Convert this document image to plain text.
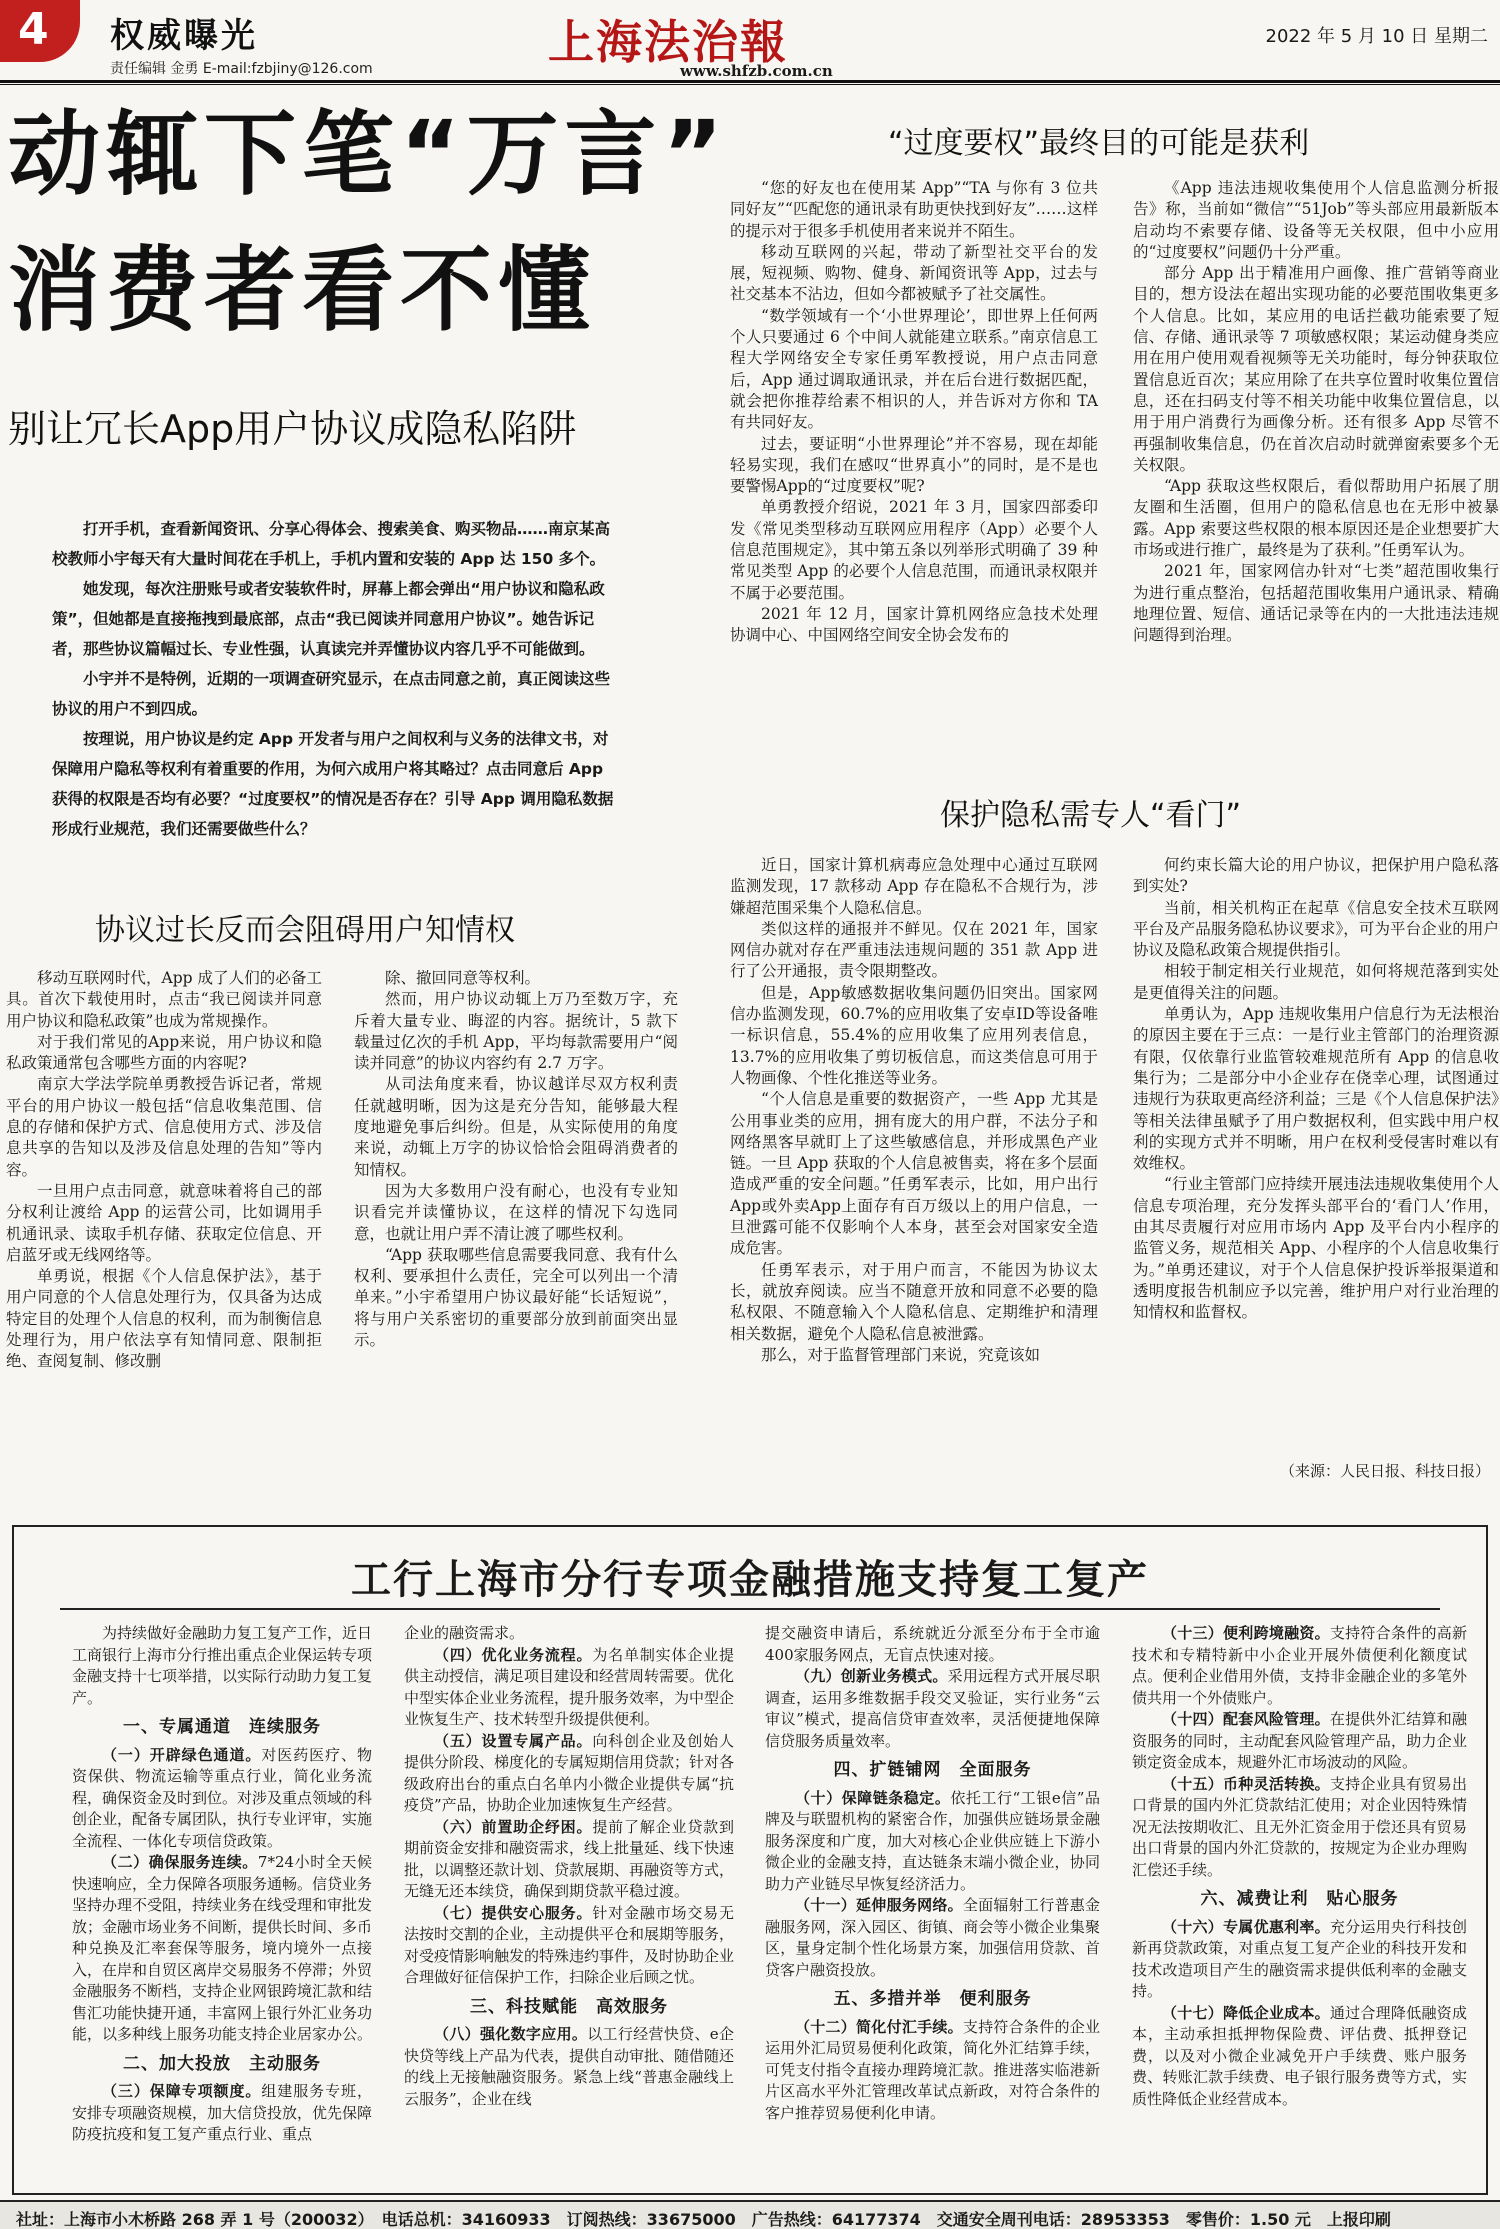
4 权威曝光
责任编辑 金勇 E-mail:fzbjiny@126.com	上海法治報
www.shfzb.com.cn
2022 年 5 月 10 日 星期二
动辄下笔“万言”
消费者看不懂
别让冗长App用户协议成隐私陷阱

打开手机，查看新闻资讯、分享心得体会、搜索美食、购买物品……南京某高校教师小宇每天有大量时间花在手机上，手机内置和安装的 App 达 150 多个。

她发现，每次注册账号或者安装软件时，屏幕上都会弹出“用户协议和隐私政策”，但她都是直接拖拽到最底部，点击“我已阅读并同意用户协议”。她告诉记者，那些协议篇幅过长、专业性强，认真读完并弄懂协议内容几乎不可能做到。

小宇并不是特例，近期的一项调查研究显示，在点击同意之前，真正阅读这些协议的用户不到四成。

按理说，用户协议是约定 App 开发者与用户之间权利与义务的法律文书，对保障用户隐私等权利有着重要的作用，为何六成用户将其略过？点击同意后 App 获得的权限是否均有必要？“过度要权”的情况是否存在？引导 App 调用隐私数据形成行业规范，我们还需要做些什么？

协议过长反而会阻碍用户知情权

移动互联网时代，App 成了人们的必备工具。首次下载使用时，点击“我已阅读并同意用户协议和隐私政策”也成为常规操作。

对于我们常见的App来说，用户协议和隐私政策通常包含哪些方面的内容呢?

南京大学法学院单勇教授告诉记者，常规平台的用户协议一般包括“信息收集范围、信息的存储和保护方式、信息使用方式、涉及信息共享的告知以及涉及信息处理的告知”等内容。

一旦用户点击同意，就意味着将自己的部分权利让渡给 App 的运营公司，比如调用手机通讯录、读取手机存储、获取定位信息、开启蓝牙或无线网络等。

单勇说，根据《个人信息保护法》，基于用户同意的个人信息处理行为，仅具备为达成特定目的处理个人信息的权利，而为制衡信息处理行为，用户依法享有知情同意、限制拒绝、查阅复制、修改删

除、撤回同意等权利。

然而，用户协议动辄上万乃至数万字，充斥着大量专业、晦涩的内容。据统计，5 款下载量过亿次的手机 App，平均每款需要用户“阅读并同意”的协议内容约有 2.7 万字。

从司法角度来看，协议越详尽双方权利责任就越明晰，因为这是充分告知，能够最大程度地避免事后纠纷。但是，从实际使用的角度来说，动辄上万字的协议恰恰会阻碍消费者的知情权。

因为大多数用户没有耐心，也没有专业知识看完并读懂协议，在这样的情况下勾选同意，也就让用户弄不清让渡了哪些权利。

“App 获取哪些信息需要我同意、我有什么权利、要承担什么责任，完全可以列出一个清单来。”小宇希望用户协议最好能“长话短说”，将与用户关系密切的重要部分放到前面突出显示。

“过度要权”最终目的可能是获利

“您的好友也在使用某 App”“TA 与你有 3 位共同好友”“匹配您的通讯录有助更快找到好友”……这样的提示对于很多手机使用者来说并不陌生。

移动互联网的兴起，带动了新型社交平台的发展，短视频、购物、健身、新闻资讯等 App，过去与社交基本不沾边，但如今都被赋予了社交属性。

“数学领域有一个‘小世界理论’，即世界上任何两个人只要通过 6 个中间人就能建立联系。”南京信息工程大学网络安全专家任勇军教授说，用户点击同意后，App 通过调取通讯录，并在后台进行数据匹配，就会把你推荐给素不相识的人，并告诉对方你和 TA 有共同好友。

过去，要证明“小世界理论”并不容易，现在却能轻易实现，我们在感叹“世界真小”的同时，是不是也要警惕App的“过度要权”呢?

单勇教授介绍说，2021 年 3 月，国家四部委印发《常见类型移动互联网应用程序（App）必要个人信息范围规定》，其中第五条以列举形式明确了 39 种常见类型 App 的必要个人信息范围，而通讯录权限并不属于必要范围。

2021 年 12 月，国家计算机网络应急技术处理协调中心、中国网络空间安全协会发布的

《App 违法违规收集使用个人信息监测分析报告》称，当前如“微信”“51Job”等头部应用最新版本启动均不索要存储、设备等无关权限，但中小应用的“过度要权”问题仍十分严重。

部分 App 出于精准用户画像、推广营销等商业目的，想方设法在超出实现功能的必要范围收集更多个人信息。比如，某应用的电话拦截功能索要了短信、存储、通讯录等 7 项敏感权限；某运动健身类应用在用户使用观看视频等无关功能时，每分钟获取位置信息近百次；某应用除了在共享位置时收集位置信息，还在扫码支付等不相关功能中收集位置信息，以用于用户消费行为画像分析。还有很多 App 尽管不再强制收集信息，仍在首次启动时就弹窗索要多个无关权限。

“App 获取这些权限后，看似帮助用户拓展了朋友圈和生活圈，但用户的隐私信息也在无形中被暴露。App 索要这些权限的根本原因还是企业想要扩大市场或进行推广，最终是为了获利。”任勇军认为。

2021 年，国家网信办针对“七类”超范围收集行为进行重点整治，包括超范围收集用户通讯录、精确地理位置、短信、通话记录等在内的一大批违法违规问题得到治理。

保护隐私需专人“看门”

近日，国家计算机病毒应急处理中心通过互联网监测发现，17 款移动 App 存在隐私不合规行为，涉嫌超范围采集个人隐私信息。

类似这样的通报并不鲜见。仅在 2021 年，国家网信办就对存在严重违法违规问题的 351 款 App 进行了公开通报，责令限期整改。

但是，App敏感数据收集问题仍旧突出。国家网信办监测发现，60.7%的应用收集了安卓ID等设备唯一标识信息，55.4%的应用收集了应用列表信息，13.7%的应用收集了剪切板信息，而这类信息可用于人物画像、个性化推送等业务。

“个人信息是重要的数据资产，一些 App 尤其是公用事业类的应用，拥有庞大的用户群，不法分子和网络黑客早就盯上了这些敏感信息，并形成黑色产业链。一旦 App 获取的个人信息被售卖，将在多个层面造成严重的安全问题。”任勇军表示，比如，用户出行App或外卖App上面存有百万级以上的用户信息，一旦泄露可能不仅影响个人本身，甚至会对国家安全造成危害。

任勇军表示，对于用户而言，不能因为协议太长，就放弃阅读。应当不随意开放和同意不必要的隐私权限、不随意输入个人隐私信息、定期维护和清理相关数据，避免个人隐私信息被泄露。

那么，对于监督管理部门来说，究竟该如

何约束长篇大论的用户协议，把保护用户隐私落到实处?

当前，相关机构正在起草《信息安全技术互联网平台及产品服务隐私协议要求》，可为平台企业的用户协议及隐私政策合规提供指引。

相较于制定相关行业规范，如何将规范落到实处是更值得关注的问题。

单勇认为，App 违规收集用户信息行为无法根治的原因主要在于三点：一是行业主管部门的治理资源有限，仅依靠行业监管较难规范所有 App 的信息收集行为；二是部分中小企业存在侥幸心理，试图通过违规行为获取更高经济利益；三是《个人信息保护法》等相关法律虽赋予了用户数据权利，但实践中用户权利的实现方式并不明晰，用户在权利受侵害时难以有效维权。

“行业主管部门应持续开展违法违规收集使用个人信息专项治理，充分发挥头部平台的‘看门人’作用，由其尽责履行对应用市场内 App 及平台内小程序的监管义务，规范相关 App、小程序的个人信息收集行为。”单勇还建议，对于个人信息保护投诉举报渠道和透明度报告机制应予以完善，维护用户对行业治理的知情权和监督权。

（来源：人民日报、科技日报）
工行上海市分行专项金融措施支持复工复产

为持续做好金融助力复工复产工作，近日工商银行上海市分行推出重点企业保运转专项金融支持十七项举措，以实际行动助力复工复产。

一、专属通道　连续服务

（一）开辟绿色通道。对医药医疗、物资保供、物流运输等重点行业，简化业务流程，确保资金及时到位。对涉及重点领域的科创企业，配备专属团队，执行专业评审，实施全流程、一体化专项信贷政策。

（二）确保服务连续。7*24小时全天候快速响应，全力保障各项服务通畅。信贷业务坚持办理不受阻，持续业务在线受理和审批发放；金融市场业务不间断，提供长时间、多币种兑换及汇率套保等服务，境内境外一点接入，在岸和自贸区离岸交易服务不停滞；外贸金融服务不断档，支持企业网银跨境汇款和结售汇功能快捷开通，丰富网上银行外汇业务功能，以多种线上服务功能支持企业居家办公。

二、加大投放　主动服务

（三）保障专项额度。组建服务专班，安排专项融资规模，加大信贷投放，优先保障防疫抗疫和复工复产重点行业、重点

企业的融资需求。

（四）优化业务流程。为名单制实体企业提供主动授信，满足项目建设和经营周转需要。优化中型实体企业业务流程，提升服务效率，为中型企业恢复生产、技术转型升级提供便利。

（五）设置专属产品。向科创企业及创始人提供分阶段、梯度化的专属短期信用贷款；针对各级政府出台的重点白名单内小微企业提供专属“抗疫贷”产品，协助企业加速恢复生产经营。

（六）前置助企纾困。提前了解企业贷款到期前资金安排和融资需求，线上批量延、线下快速批，以调整还款计划、贷款展期、再融资等方式，无缝无还本续贷，确保到期贷款平稳过渡。

（七）提供安心服务。针对金融市场交易无法按时交割的企业，主动提供平仓和展期等服务，对受疫情影响触发的特殊违约事件，及时协助企业合理做好征信保护工作，扫除企业后顾之忧。

三、科技赋能　高效服务

（八）强化数字应用。以工行经营快贷、e企快贷等线上产品为代表，提供自动审批、随借随还的线上无接触融资服务。紧急上线“普惠金融线上云服务”，企业在线

提交融资申请后，系统就近分派至分布于全市逾400家服务网点，无盲点快速对接。

（九）创新业务模式。采用远程方式开展尽职调查，运用多维数据手段交叉验证，实行业务“云审议”模式，提高信贷审查效率，灵活便捷地保障信贷服务质量效率。

四、扩链铺网　全面服务

（十）保障链条稳定。依托工行“工银e信”品牌及与联盟机构的紧密合作，加强供应链场景金融服务深度和广度，加大对核心企业供应链上下游小微企业的金融支持，直达链条末端小微企业，协同助力产业链尽早恢复经济活力。

（十一）延伸服务网络。全面辐射工行普惠金融服务网，深入园区、街镇、商会等小微企业集聚区，量身定制个性化场景方案，加强信用贷款、首贷客户融资投放。

五、多措并举　便利服务

（十二）简化付汇手续。支持符合条件的企业运用外汇局贸易便利化政策，简化外汇结算手续，可凭支付指令直接办理跨境汇款。推进落实临港新片区高水平外汇管理改革试点新政，对符合条件的客户推荐贸易便利化申请。

（十三）便利跨境融资。支持符合条件的高新技术和专精特新中小企业开展外债便利化额度试点。便利企业借用外债，支持非金融企业的多笔外债共用一个外债账户。

（十四）配套风险管理。在提供外汇结算和融资服务的同时，主动配套风险管理产品，助力企业锁定资金成本，规避外汇市场波动的风险。

（十五）币种灵活转换。支持企业具有贸易出口背景的国内外汇贷款结汇使用；对企业因特殊情况无法按期收汇、且无外汇资金用于偿还具有贸易出口背景的国内外汇贷款的，按规定为企业办理购汇偿还手续。

六、减费让利　贴心服务

（十六）专属优惠利率。充分运用央行科技创新再贷款政策，对重点复工复产企业的科技开发和技术改造项目产生的融资需求提供低利率的金融支持。

（十七）降低企业成本。通过合理降低融资成本，主动承担抵押物保险费、评估费、抵押登记费，以及对小微企业减免开户手续费、账户服务费、转账汇款手续费、电子银行服务费等方式，实质性降低企业经营成本。

社址：上海市小木桥路 268 弄 1 号（200032）　电话总机：34160933　订阅热线：33675000　广告热线：64177374　交通安全周刊电话：28953353　零售价：1.50 元　上报印刷
